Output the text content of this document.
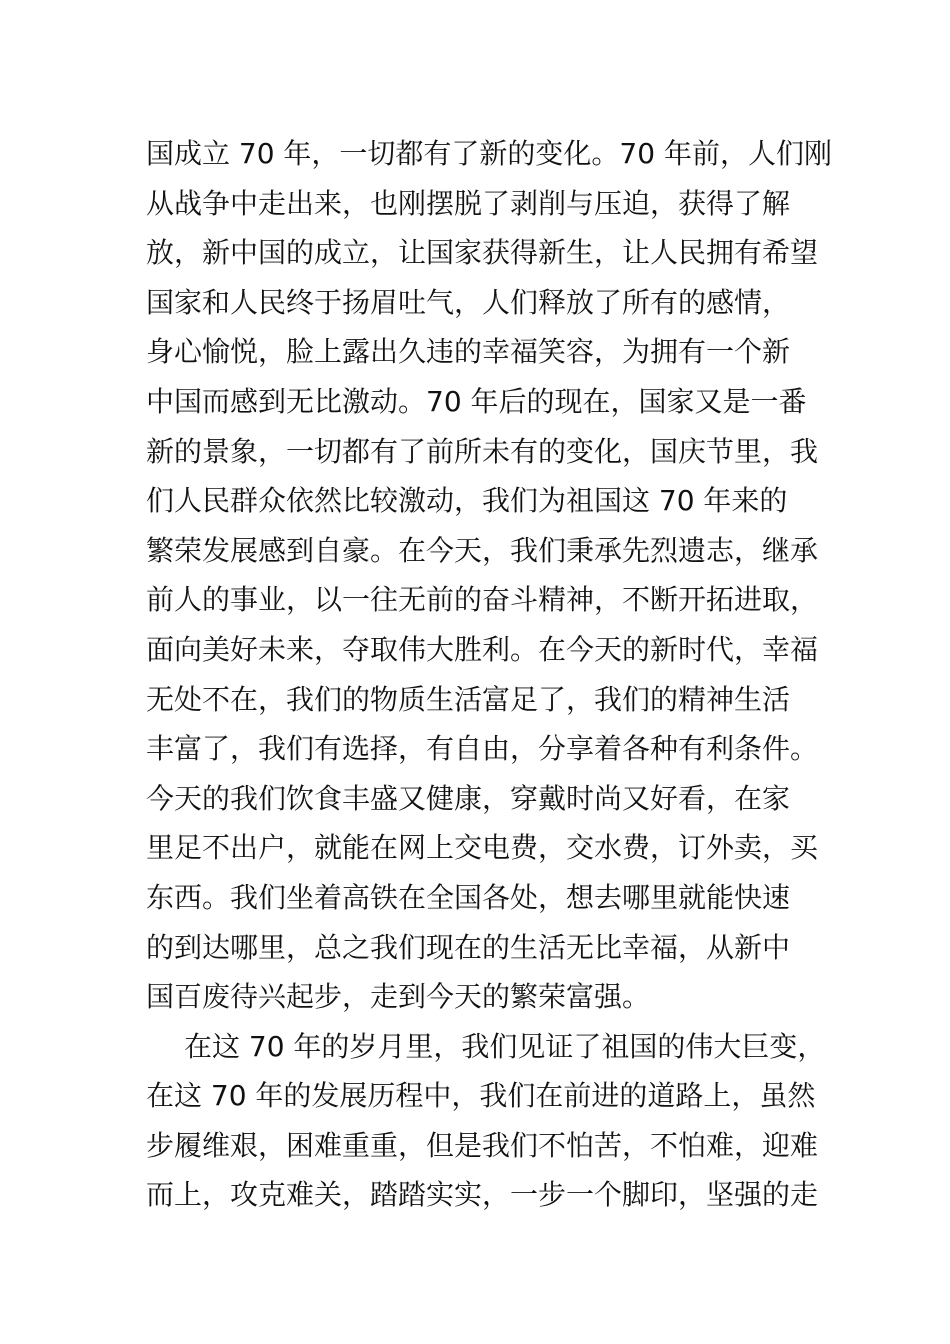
国成立 70 年，一切都有了新的变化。70 年前，人们刚
从战争中走出来，也刚摆脱了剥削与压迫，获得了解
放，新中国的成立，让国家获得新生，让人民拥有希望
国家和人民终于扬眉吐气，人们释放了所有的感情，
身心愉悦，脸上露出久违的幸福笑容，为拥有一个新
中国而感到无比激动。70 年后的现在，国家又是一番
新的景象，一切都有了前所未有的变化，国庆节里，我
们人民群众依然比较激动，我们为祖国这 70 年来的
繁荣发展感到自豪。在今天，我们秉承先烈遗志，继承
前人的事业，以一往无前的奋斗精神，不断开拓进取，
面向美好未来，夺取伟大胜利。在今天的新时代，幸福
无处不在，我们的物质生活富足了，我们的精神生活
丰富了，我们有选择，有自由，分享着各种有利条件。
今天的我们饮食丰盛又健康，穿戴时尚又好看，在家
里足不出户，就能在网上交电费，交水费，订外卖，买
东西。我们坐着高铁在全国各处，想去哪里就能快速
的到达哪里，总之我们现在的生活无比幸福，从新中
国百废待兴起步，走到今天的繁荣富强。
在这 70 年的岁月里，我们见证了祖国的伟大巨变，
在这 70 年的发展历程中，我们在前进的道路上，虽然
步履维艰，困难重重，但是我们不怕苦，不怕难，迎难
而上，攻克难关，踏踏实实，一步一个脚印，坚强的走
